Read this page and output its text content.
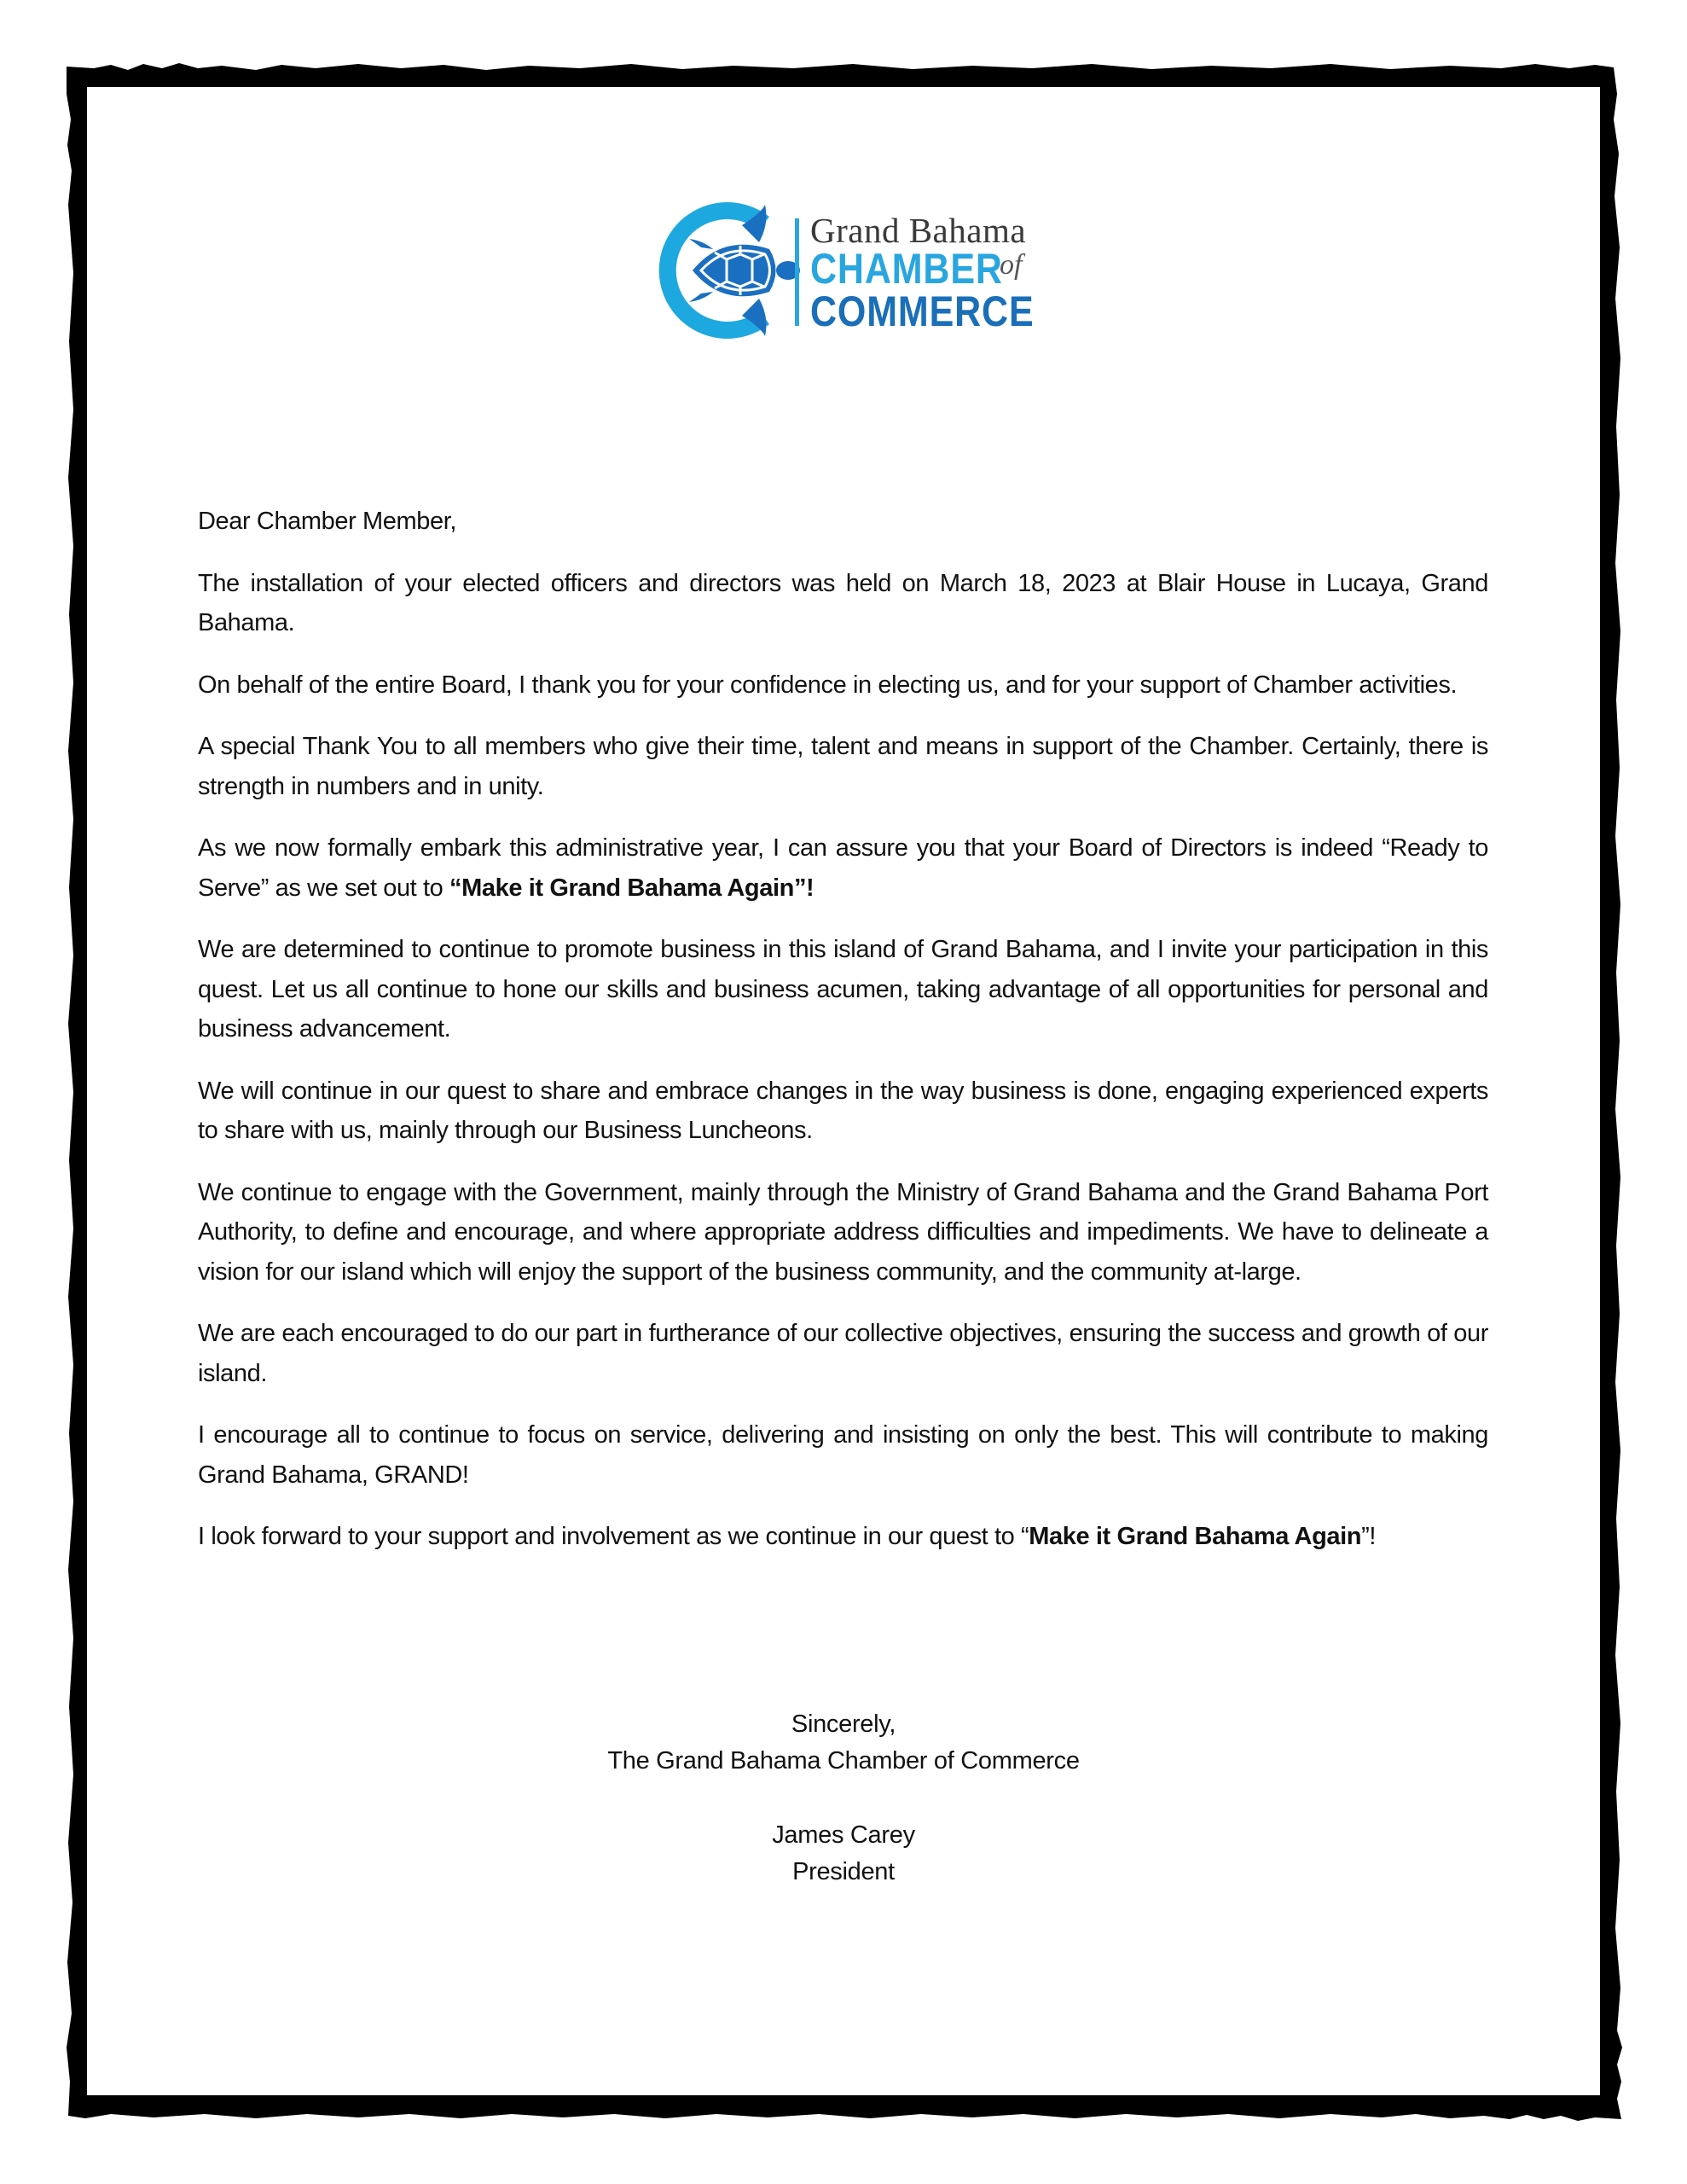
Grand Bahama
CHAMBER
of
COMMERCE

Dear Chamber Member,

The installation of your elected officers and directors was held on March 18, 2023 at Blair House in Lucaya, Grand Bahama.

On behalf of the entire Board, I thank you for your confidence in electing us, and for your support of Chamber activities.

A special Thank You to all members who give their time, talent and means in support of the Chamber. Certainly, there is strength in numbers and in unity.

As we now formally embark this administrative year, I can assure you that your Board of Directors is indeed “Ready to Serve” as we set out to “Make it Grand Bahama Again”!

We are determined to continue to promote business in this island of Grand Bahama, and I invite your participation in this quest. Let us all continue to hone our skills and business acumen, taking advantage of all opportunities for personal and business advancement.

We will continue in our quest to share and embrace changes in the way business is done, engaging experienced experts to share with us, mainly through our Business Luncheons.

We continue to engage with the Government, mainly through the Ministry of Grand Bahama and the Grand Bahama Port Authority, to define and encourage, and where appropriate address difficulties and impediments. We have to delineate a vision for our island which will enjoy the support of the business community, and the community at-large.

We are each encouraged to do our part in furtherance of our collective objectives, ensuring the success and growth of our island.

I encourage all to continue to focus on service, delivering and insisting on only the best. This will contribute to making Grand Bahama, GRAND!

I look forward to your support and involvement as we continue in our quest to “Make it Grand Bahama Again”!

Sincerely,
The Grand Bahama Chamber of Commerce
James Carey
President
